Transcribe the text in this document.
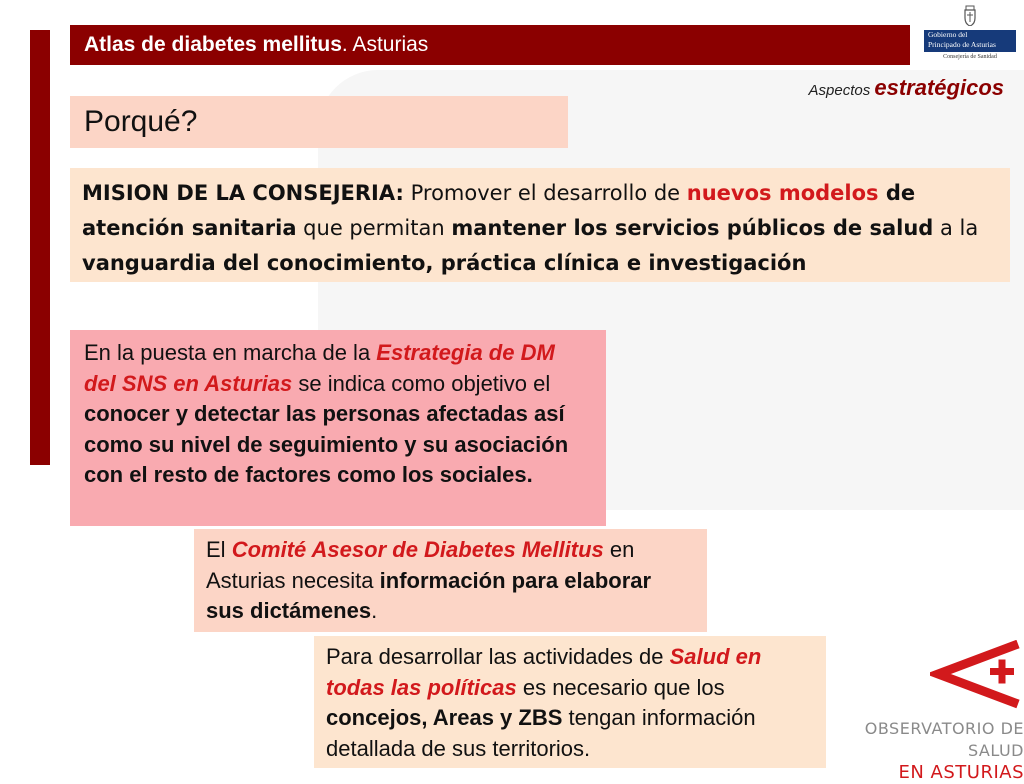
Atlas de diabetes mellitus. Asturias	Gobierno del
Principado de Asturias
Consejería de Sanidad
Aspectos estratégicos
Porqué?
MISION DE LA CONSEJERIA: Promover el desarrollo de nuevos modelos de atención sanitaria que permitan mantener los servicios públicos de salud a la vanguardia del conocimiento, práctica clínica e investigación
En la puesta en marcha de la Estrategia de DM del SNS en Asturias se indica como objetivo el conocer y detectar las personas afectadas así como su nivel de seguimiento y su asociación con el resto de factores como los sociales.
El Comité Asesor de Diabetes Mellitus en Asturias necesita información para elaborar sus dictámenes.
Para desarrollar las actividades de Salud en todas las políticas es necesario que los concejos, Areas y ZBS tengan información detallada de sus territorios.
OBSERVATORIO DE SALUD
EN ASTURIAS
